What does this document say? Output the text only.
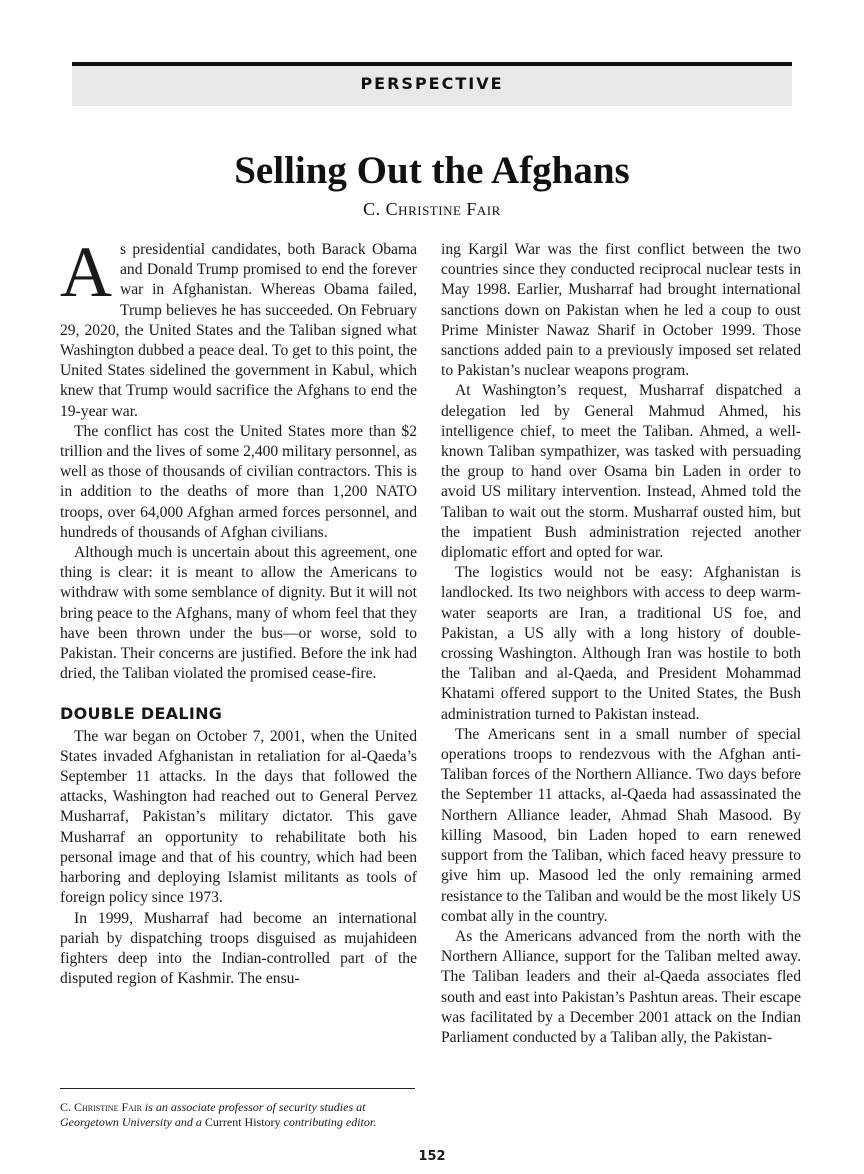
PERSPECTIVE
Selling Out the Afghans
C. Christine Fair

As presidential candidates, both Barack Obama and Donald Trump promised to end the forever war in Afghanistan. Whereas Obama failed, Trump believes he has succeeded. On February 29, 2020, the United States and the Taliban signed what Washington dubbed a peace deal. To get to this point, the United States sidelined the government in Kabul, which knew that Trump would sacrifice the Afghans to end the 19-year war.

The conflict has cost the United States more than $2 trillion and the lives of some 2,400 military personnel, as well as those of thousands of civilian contractors. This is in addition to the deaths of more than 1,200 NATO troops, over 64,000 Afghan armed forces personnel, and hundreds of thousands of Afghan civilians.

Although much is uncertain about this agreement, one thing is clear: it is meant to allow the Americans to withdraw with some semblance of dignity. But it will not bring peace to the Afghans, many of whom feel that they have been thrown under the bus—or worse, sold to Pakistan. Their concerns are justified. Before the ink had dried, the Taliban violated the promised cease-fire.

DOUBLE DEALING

The war began on October 7, 2001, when the United States invaded Afghanistan in retaliation for al-Qaeda’s September 11 attacks. In the days that followed the attacks, Washington had reached out to General Pervez Musharraf, Pakistan’s military dictator. This gave Musharraf an opportunity to rehabilitate both his personal image and that of his country, which had been harboring and deploying Islamist militants as tools of foreign policy since 1973.

In 1999, Musharraf had become an international pariah by dispatching troops disguised as mujahideen fighters deep into the Indian-controlled part of the disputed region of Kashmir. The ensu-

ing Kargil War was the first conflict between the two countries since they conducted reciprocal nuclear tests in May 1998. Earlier, Musharraf had brought international sanctions down on Pakistan when he led a coup to oust Prime Minister Nawaz Sharif in October 1999. Those sanctions added pain to a previously imposed set related to Pakistan’s nuclear weapons program.

At Washington’s request, Musharraf dispatched a delegation led by General Mahmud Ahmed, his intelligence chief, to meet the Taliban. Ahmed, a well-known Taliban sympathizer, was tasked with persuading the group to hand over Osama bin Laden in order to avoid US military intervention. Instead, Ahmed told the Taliban to wait out the storm. Musharraf ousted him, but the impatient Bush administration rejected another diplomatic effort and opted for war.

The logistics would not be easy: Afghanistan is landlocked. Its two neighbors with access to deep warm-water seaports are Iran, a traditional US foe, and Pakistan, a US ally with a long history of double-crossing Washington. Although Iran was hostile to both the Taliban and al-Qaeda, and President Mohammad Khatami offered support to the United States, the Bush administration turned to Pakistan instead.

The Americans sent in a small number of special operations troops to rendezvous with the Afghan anti-Taliban forces of the Northern Alliance. Two days before the September 11 attacks, al-Qaeda had assassinated the Northern Alliance leader, Ahmad Shah Masood. By killing Masood, bin Laden hoped to earn renewed support from the Taliban, which faced heavy pressure to give him up. Masood led the only remaining armed resistance to the Taliban and would be the most likely US combat ally in the country.

As the Americans advanced from the north with the Northern Alliance, support for the Taliban melted away. The Taliban leaders and their al-Qaeda associates fled south and east into Pakistan’s Pashtun areas. Their escape was facilitated by a December 2001 attack on the Indian Parliament conducted by a Taliban ally, the Pakistan-

C. Christine Fair is an associate professor of security studies at Georgetown University and a Current History contributing editor.
152
